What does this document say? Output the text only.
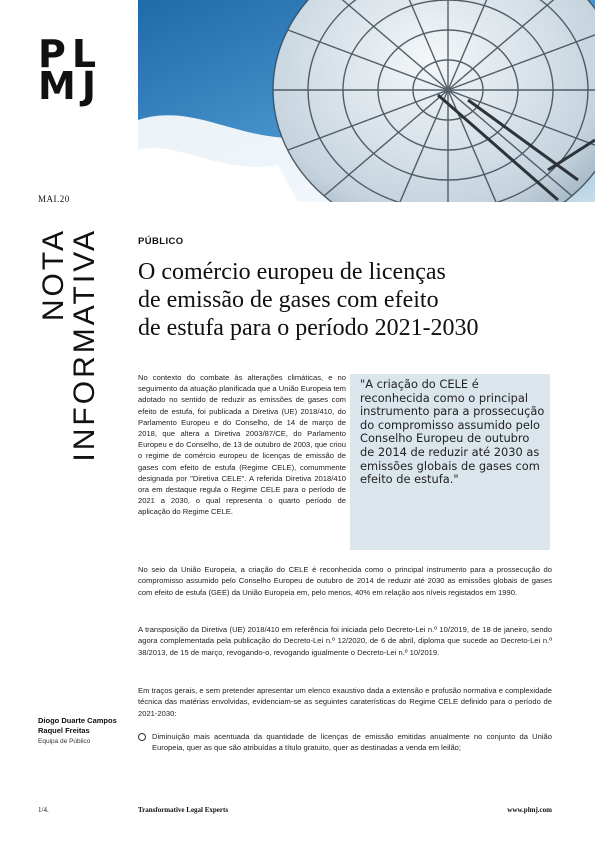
PL
MJ
MAI.20
NOTA
INFORMATIVA	PÚBLICO
O comércio europeu de licenças
de emissão de gases com efeito
de estufa para o período 2021-2030
No contexto do combate às alterações climáticas, e no seguimento da atuação planificada que a União Europeia tem adotado no sentido de reduzir as emissões de gases com efeito de estufa, foi publicada a Diretiva (UE) 2018/410, do Parlamento Europeu e do Conselho, de 14 de março de 2018, que altera a Diretiva 2003/87/CE, do Parlamento Europeu e do Conselho, de 13 de outubro de 2003, que criou o regime de comércio europeu de licenças de emissão de gases com efeito de estufa (Regime CELE), comummente designada por "Diretiva CELE". A referida Diretiva 2018/410 ora em destaque regula o Regime CELE para o período de 2021 a 2030, o qual representa o quarto período de aplicação do Regime CELE.
"A criação do CELE é reconhecida como o principal instrumento para a prossecução do compromisso assumido pelo Conselho Europeu de outubro de 2014 de reduzir até 2030 as emissões globais de gases com efeito de estufa."
No seio da União Europeia, a criação do CELE é reconhecida como o principal instrumento para a prossecução do compromisso assumido pelo Conselho Europeu de outubro de 2014 de reduzir até 2030 as emissões globais de gases com efeito de estufa (GEE) da União Europeia em, pelo menos, 40% em relação aos níveis registados em 1990.
A transposição da Diretiva (UE) 2018/410 em referência foi iniciada pelo Decreto-Lei n.º 10/2019, de 18 de janeiro, sendo agora complementada pela publicação do Decreto-Lei n.º 12/2020, de 6 de abril, diploma que sucede ao Decreto-Lei n.º 38/2013, de 15 de março, revogando-o, revogando igualmente o Decreto-Lei n.º 10/2019.
Em traços gerais, e sem pretender apresentar um elenco exaustivo dada a extensão e profusão normativa e complexidade técnica das matérias envolvidas, evidenciam-se as seguintes caraterísticas do Regime CELE definido para o período de 2021-2030:
Diminuição mais acentuada da quantidade de licenças de emissão emitidas anualmente no conjunto da União Europeia, quer as que são atribuídas a título gratuito, quer as destinadas a venda em leilão;
Diogo Duarte Campos
Raquel Freitas
Equipa de Público
1/4.	Transformative Legal Experts	www.plmj.com
